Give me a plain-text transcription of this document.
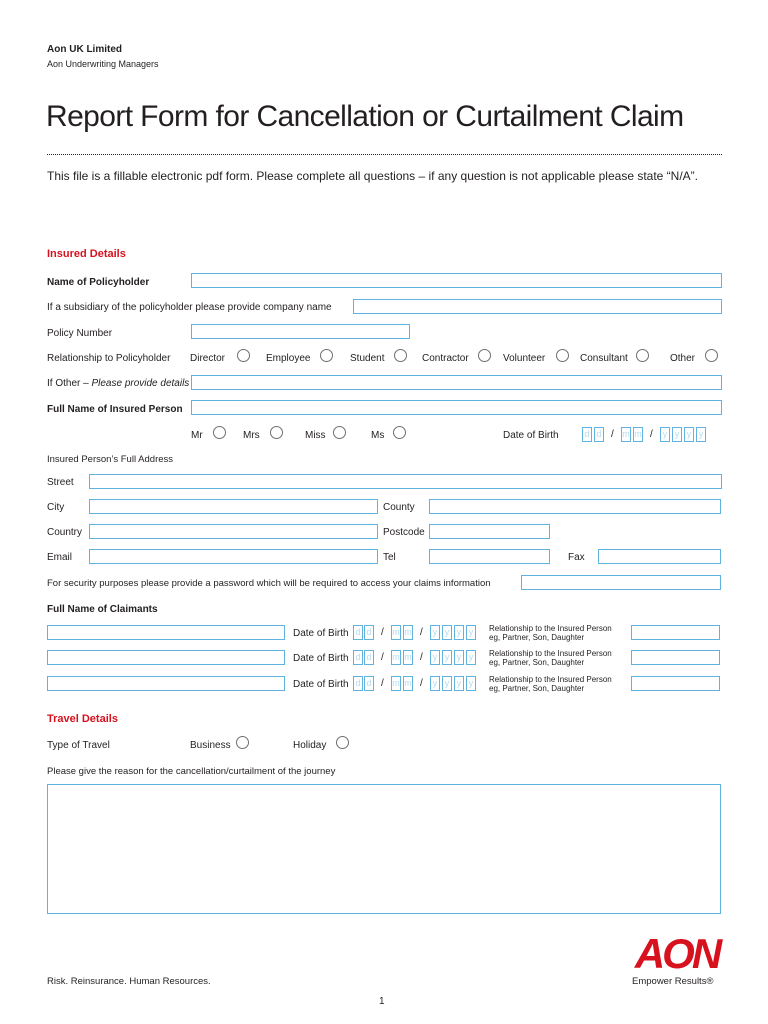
Aon UK Limited
Aon Underwriting Managers
Report Form for Cancellation or Curtailment Claim
This file is a fillable electronic pdf form. Please complete all questions – if any question is not applicable please state “N/A”.
Insured Details
Name of Policyholder
If a subsidiary of the policyholder please provide company name
Policy Number
Relationship to Policyholder Director	Employee	Student	Contractor	Volunteer	Consultant	Other
If Other – Please provide details
Full Name of Insured Person
Mr	Mrs	Miss	Ms	Date of Birth	d d / m m /	y y y y
Insured Person’s Full Address
Street
City	County
Country	Postcode
Email	Tel	Fax
For security purposes please provide a password which will be required to access your claims information
Full Name of Claimants
Date of Birth d d / m m /	y y y y	Relationship to the Insured Person
eg, Partner, Son, Daughter
Date of Birth d d / m m /	y y y y	Relationship to the Insured Person
eg, Partner, Son, Daughter
Date of Birth d d / m m /	y y y y	Relationship to the Insured Person
eg, Partner, Son, Daughter
Travel Details
Type of Travel	Business	Holiday
Please give the reason for the cancellation/curtailment of the journey
Risk. Reinsurance. Human Resources.
1
AON
Empower Results®
